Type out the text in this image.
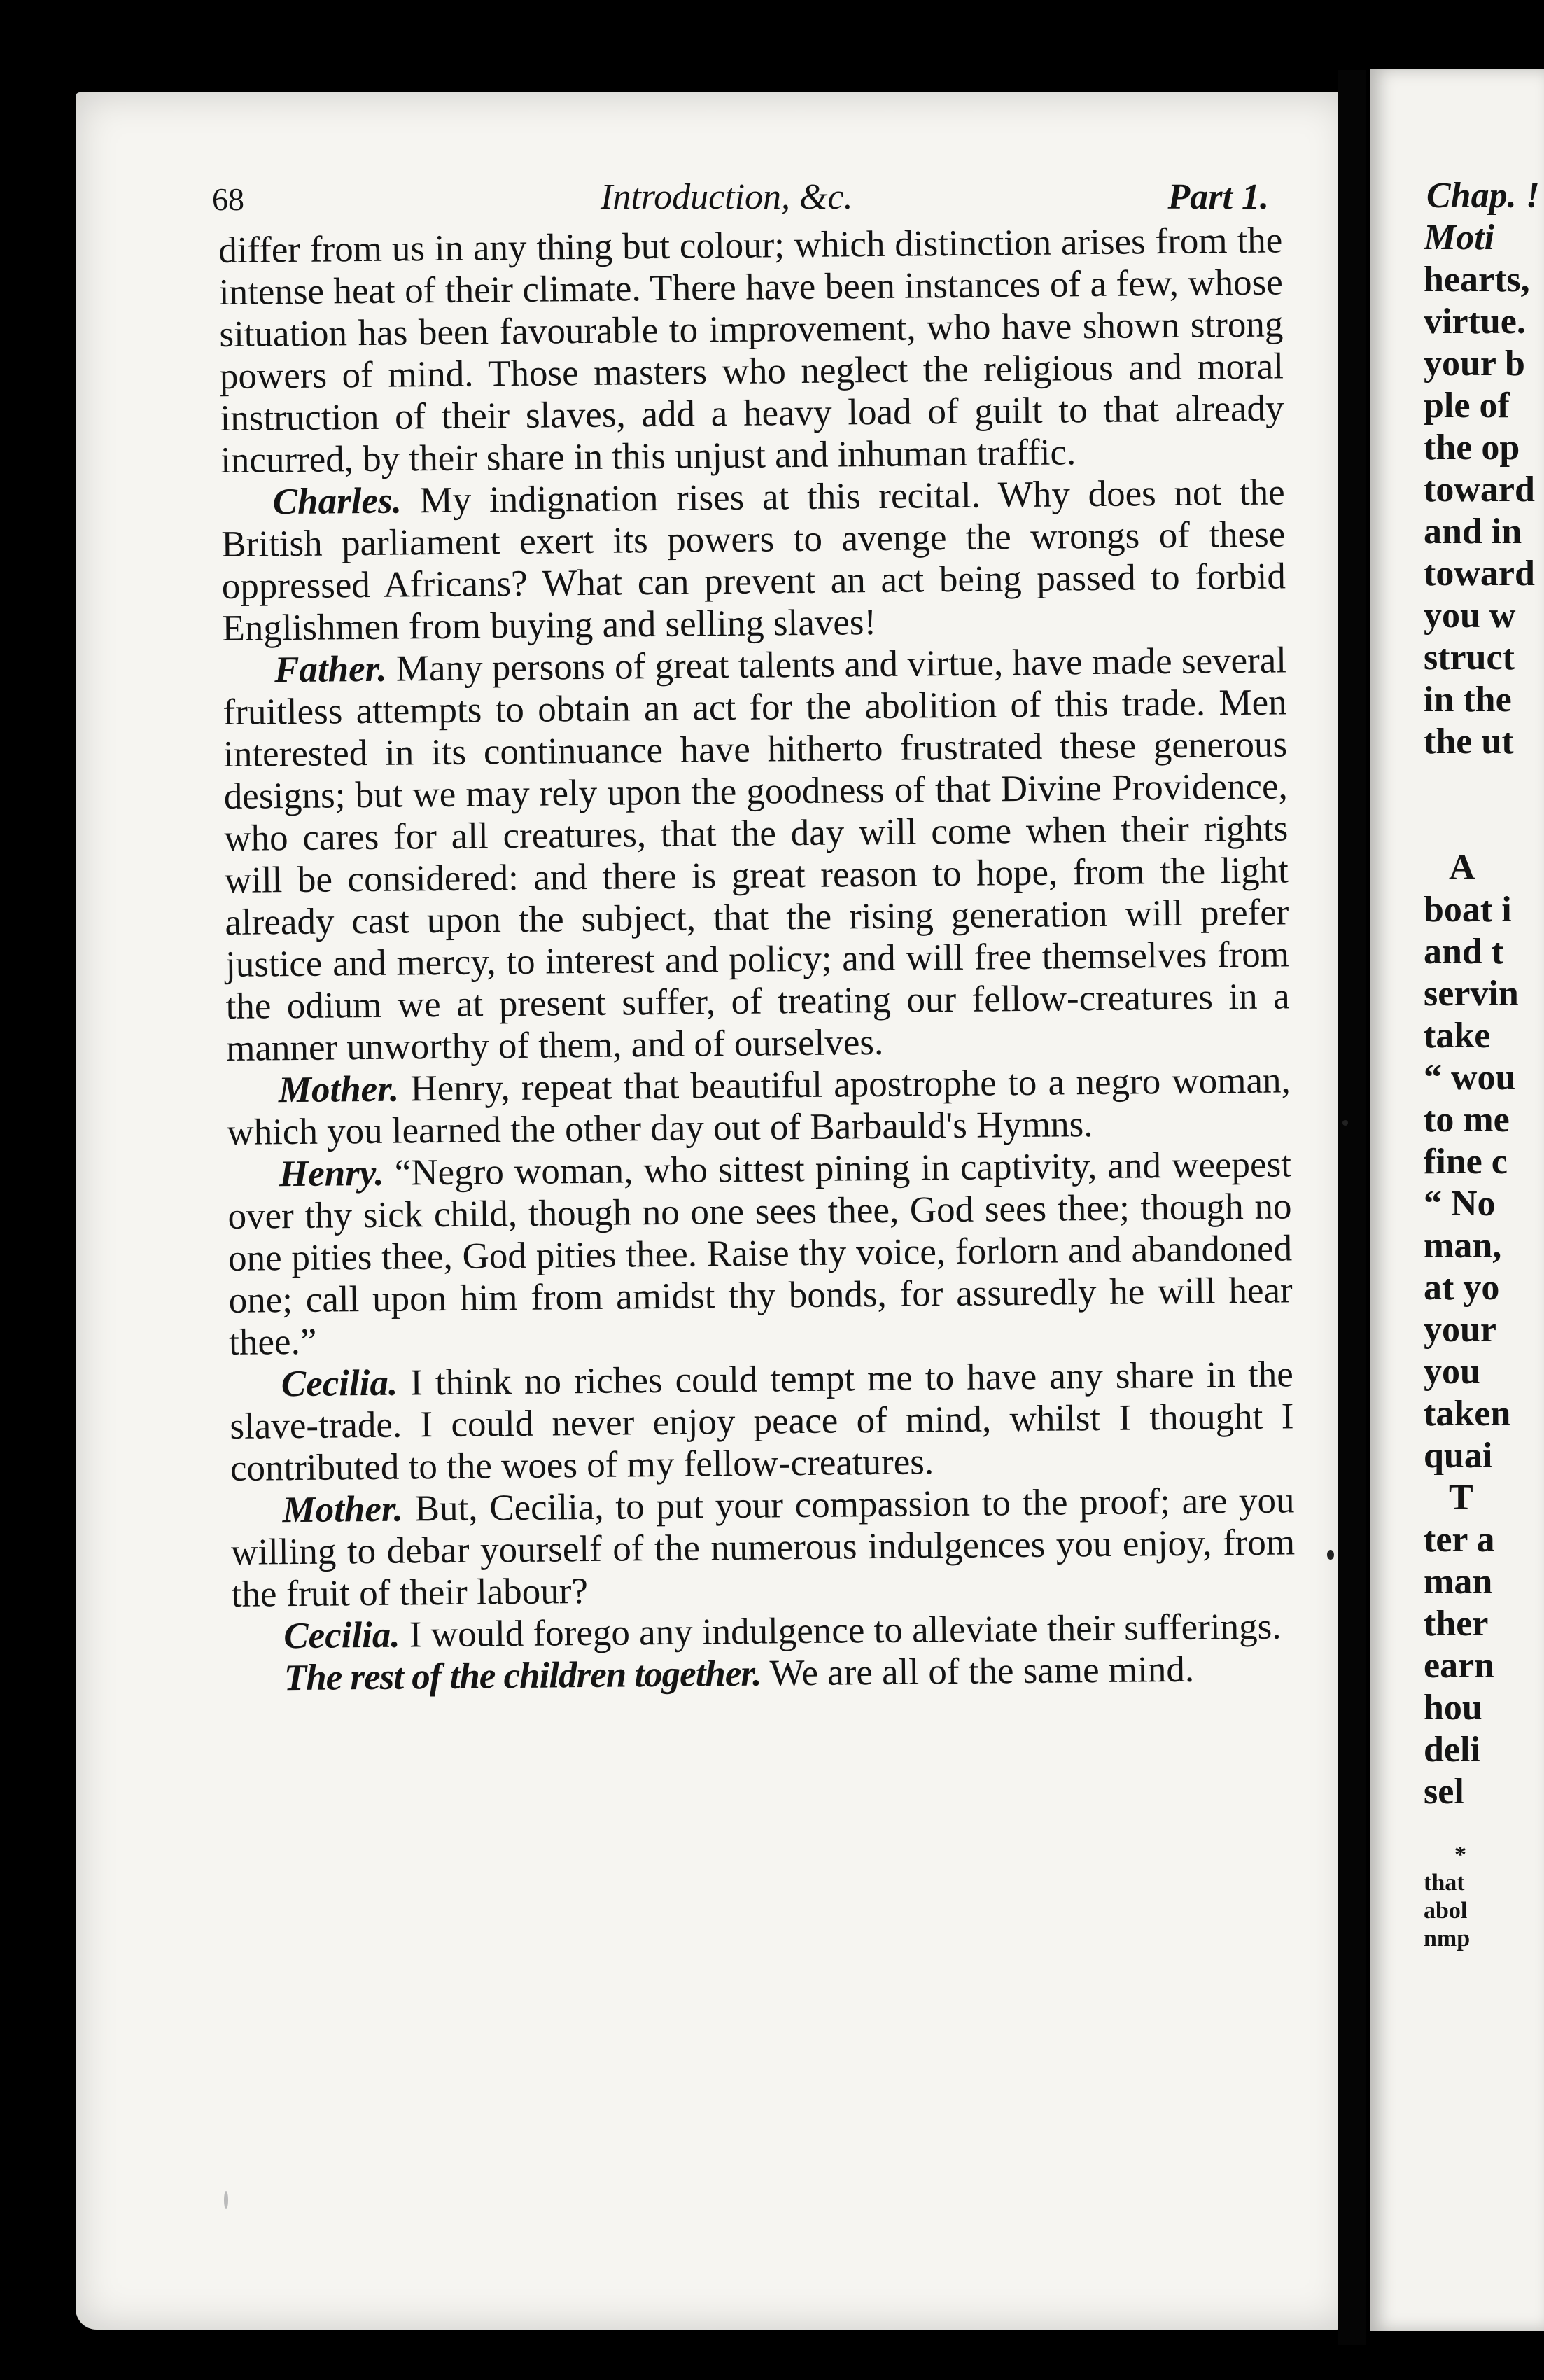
68	Introduction, &c.	Part 1.

differ from us in any thing but colour; which distinction arises from the intense heat of their climate. There have been instances of a few, whose situation has been favourable to improvement, who have shown strong powers of mind. Those masters who neglect the religious and moral instruction of their slaves, add a heavy load of guilt to that already incurred, by their share in this unjust and inhuman traffic.

Charles. My indignation rises at this recital. Why does not the British parliament exert its powers to avenge the wrongs of these oppressed Africans? What can prevent an act being passed to forbid Englishmen from buying and selling slaves!

Father. Many persons of great talents and virtue, have made several fruitless attempts to obtain an act for the abolition of this trade. Men interested in its continuance have hitherto frustrated these generous designs; but we may rely upon the goodness of that Divine Providence, who cares for all creatures, that the day will come when their rights will be considered: and there is great reason to hope, from the light already cast upon the subject, that the rising generation will prefer justice and mercy, to interest and policy; and will free themselves from the odium we at present suffer, of treating our fellow-creatures in a manner unworthy of them, and of ourselves.

Mother. Henry, repeat that beautiful apostrophe to a negro woman, which you learned the other day out of Barbauld's Hymns.

Henry. “Negro woman, who sittest pining in captivity, and weepest over thy sick child, though no one sees thee, God sees thee; though no one pities thee, God pities thee. Raise thy voice, forlorn and abandoned one; call upon him from amidst thy bonds, for assuredly he will hear thee.”

Cecilia. I think no riches could tempt me to have any share in the slave-trade. I could never enjoy peace of mind, whilst I thought I contributed to the woes of my fellow-creatures.

Mother. But, Cecilia, to put your compassion to the proof; are you willing to debar yourself of the numerous indulgences you enjoy, from the fruit of their labour?

Cecilia. I would forego any indulgence to alleviate their sufferings.

The rest of the children together. We are all of the same mind.

Chap. !
Moti
hearts,
virtue.
your b
ple of
the op
toward
and in
toward
you w
struct
in the
the ut
A
boat i
and t
servin
take
“ wou
to me
fine c
“ No
man,
at yo
your
you
taken
quai
T
ter a
man
ther
earn
hou
deli
sel
*
that
abol
nmp
